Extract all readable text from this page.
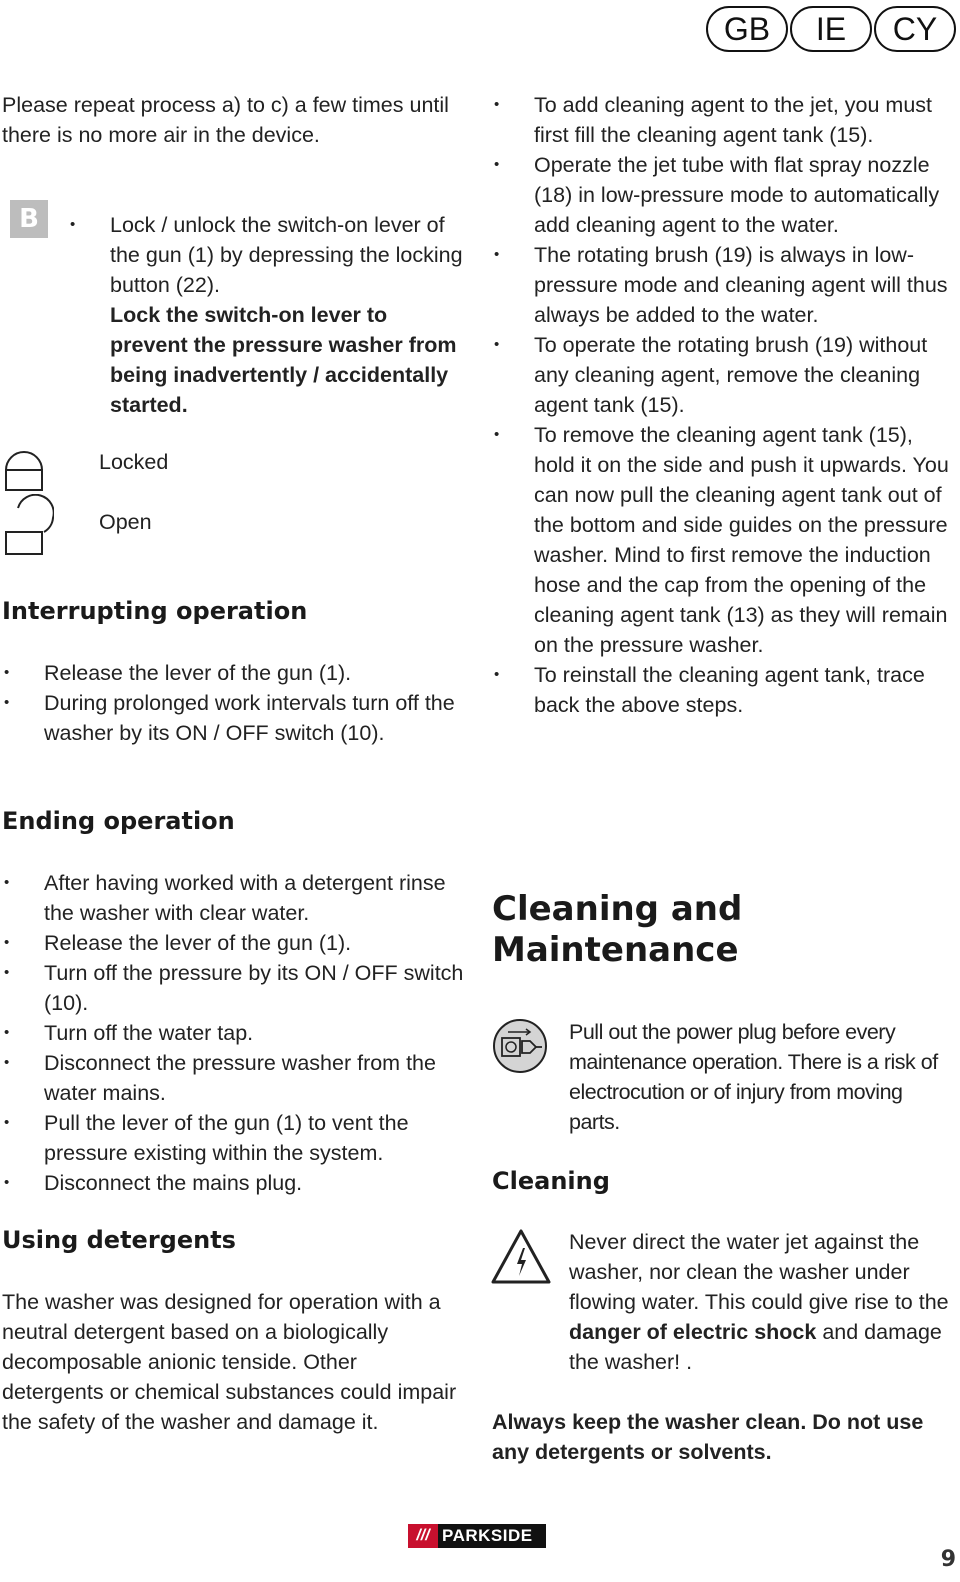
GB	IE	CY

Please repeat process a) to c) a few times until there is no more air in the device.

B
•	Lock / unlock the switch-on lever of the gun (1) by depressing the locking button (22).

Lock the switch-on lever to prevent the pressure washer from being inadvertently / accidentally started.
Locked
Open
Interrupting operation
• Release the lever of the gun (1).
• During prolonged work intervals turn off the washer by its ON / OFF switch (10).
Ending operation
• After having worked with a detergent rinse the washer with clear water.
• Release the lever of the gun (1).
• Turn off the pressure by its ON / OFF switch (10).
• Turn off the water tap.
• Disconnect the pressure washer from the water mains.
• Pull the lever of the gun (1) to vent the pressure existing within the system.
• Disconnect the mains plug.
Using detergents

The washer was designed for operation with a neutral detergent based on a biologically decomposable anionic tenside. Other detergents or chemical substances could impair the safety of the washer and damage it.

• To add cleaning agent to the jet, you must first fill the cleaning agent tank (15).
• Operate the jet tube with flat spray nozzle (18) in low-pressure mode to automatically add cleaning agent to the water.
• The rotating brush (19) is always in low-pressure mode and cleaning agent will thus always be added to the water.
• To operate the rotating brush (19) without any cleaning agent, remove the cleaning agent tank (15).
• To remove the cleaning agent tank (15), hold it on the side and push it upwards. You can now pull the cleaning agent tank out of the bottom and side guides on the pressure washer. Mind to first remove the induction hose and the cap from the opening of the cleaning agent tank (13) as they will remain on the pressure washer.
• To reinstall the cleaning agent tank, trace back the above steps.
Cleaning and
Maintenance

Pull out the power plug before every maintenance operation. There is a risk of electrocution or of injury from moving parts.

Cleaning

Never direct the water jet against the washer, nor clean the washer under flowing water. This could give rise to the danger of electric shock and damage the washer! .

Always keep the washer clean. Do not use any detergents or solvents.

/// PARKSIDE
9
